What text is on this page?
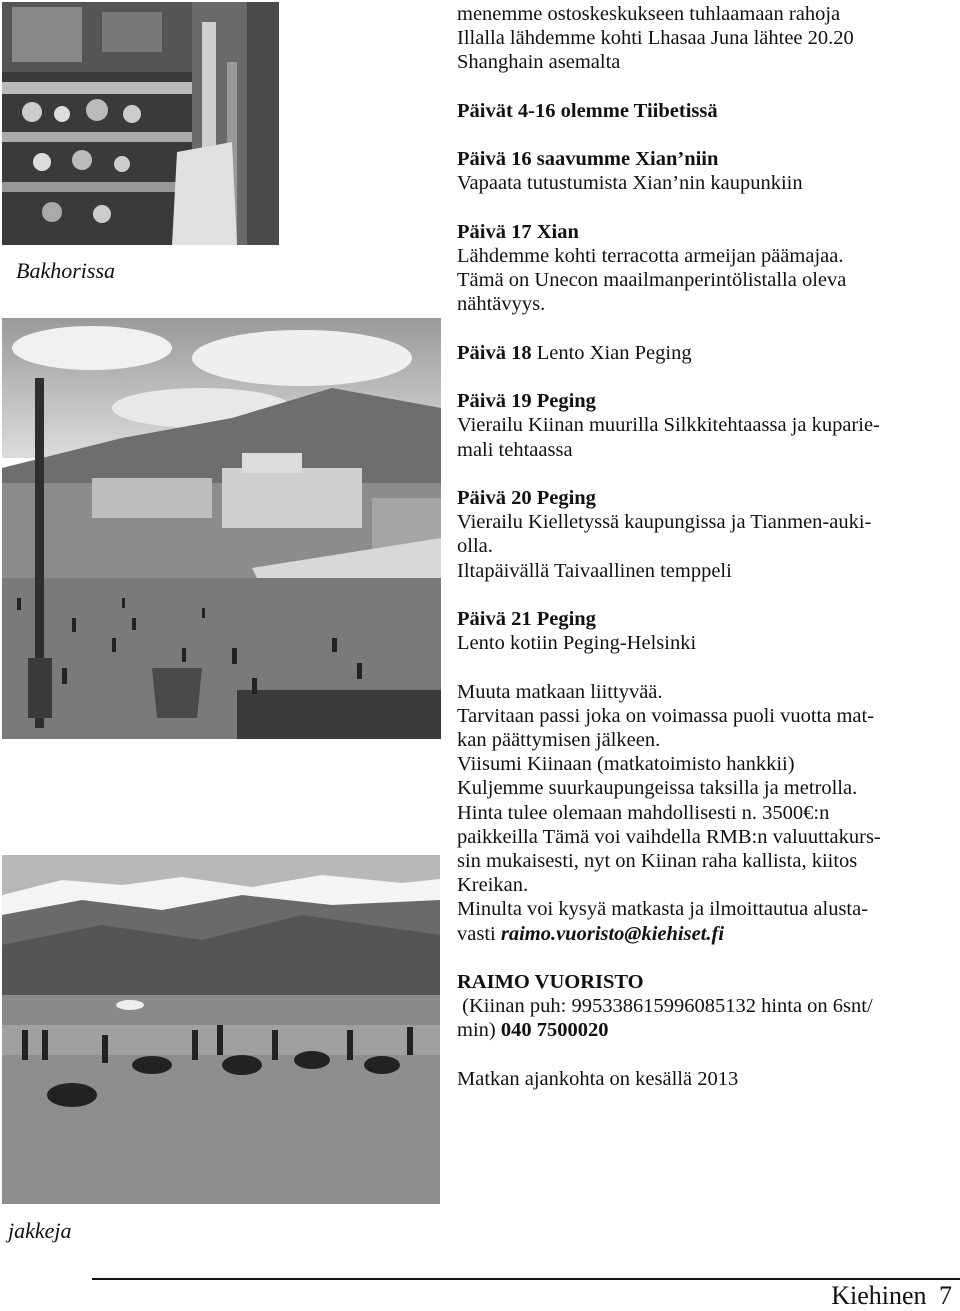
Bakhorissa
jakkeja

menemme ostoskeskukseen tuhlaamaan rahoja
Illalla lähdemme kohti Lhasaa Juna lähtee 20.20
Shanghain asemalta

Päivät 4-16 olemme Tiibetissä

Päivä 16 saavumme Xian’niin
Vapaata tutustumista Xian’nin kaupunkiin

Päivä 17 Xian
Lähdemme kohti terracotta armeijan päämajaa.
Tämä on Unecon maailmanperintölistalla oleva
nähtävyys.

Päivä 18 Lento Xian Peging

Päivä 19 Peging
Vierailu Kiinan muurilla Silkkitehtaassa ja kuparie-
mali tehtaassa

Päivä 20 Peging
Vierailu Kielletyssä kaupungissa ja Tianmen-auki-
olla.
Iltapäivällä Taivaallinen temppeli

Päivä 21 Peging
Lento kotiin Peging-Helsinki

Muuta matkaan liittyvää.
Tarvitaan passi joka on voimassa puoli vuotta mat-
kan päättymisen jälkeen.
Viisumi Kiinaan (matkatoimisto hankkii)
Kuljemme suurkaupungeissa taksilla ja metrolla.
Hinta tulee olemaan mahdollisesti n. 3500€:n
paikkeilla Tämä voi vaihdella RMB:n valuuttakurs-
sin mukaisesti, nyt on Kiinan raha kallista, kiitos
Kreikan.
Minulta voi kysyä matkasta ja ilmoittautua alusta-
vasti raimo.vuoristo@kiehiset.fi

RAIMO VUORISTO
(Kiinan puh: 995338615996085132 hinta on 6snt/
min) 040 7500020

Matkan ajankohta on kesällä 2013

Kiehinen 7
